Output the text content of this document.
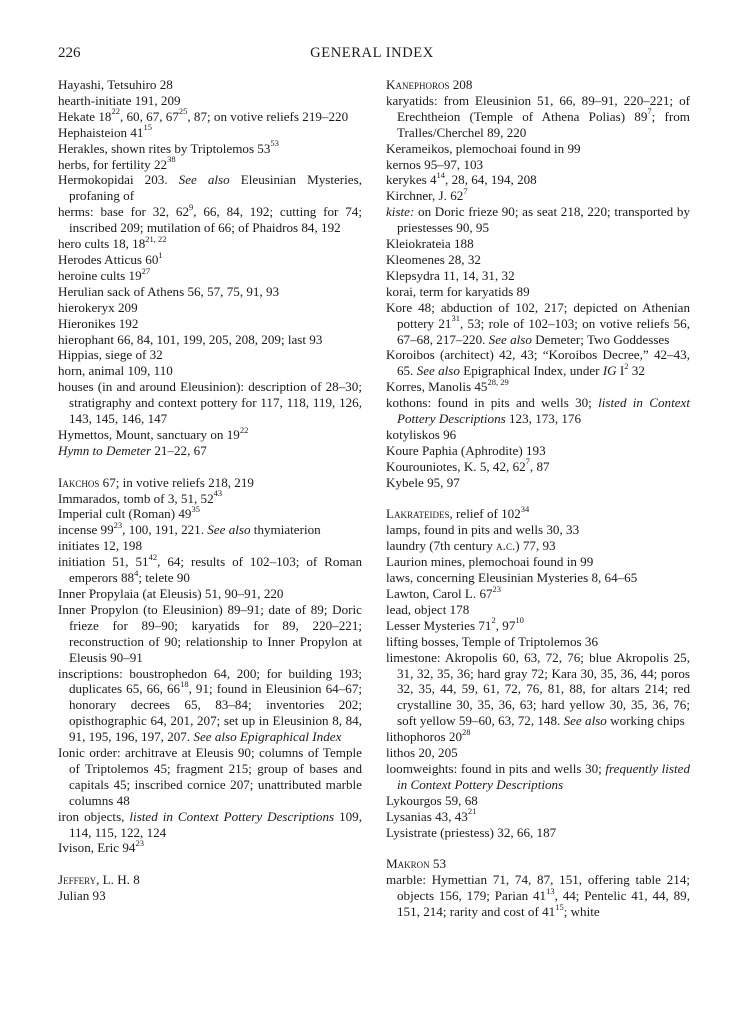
226	GENERAL INDEX

Hayashi, Tetsuhiro 28

hearth-initiate 191, 209

Hekate $18^{22}$, 60, 67, $67^{25}$, 87; on votive reliefs 219–220

Hephaisteion $41^{15}$

Herakles, shown rites by Triptolemos $53^{53}$

herbs, for fertility $22^{38}$

Hermokopidai 203. See also Eleusinian Mysteries, profaning of

herms: base for 32, $62^9$, 66, 84, 192; cutting for 74; inscribed 209; mutilation of 66; of Phaidros 84, 192

hero cults 18, 18$^{21, 22}$

Herodes Atticus $60^1$

heroine cults $19^{27}$

Herulian sack of Athens 56, 57, 75, 91, 93

hierokeryx 209

Hieronikes 192

hierophant 66, 84, 101, 199, 205, 208, 209; last 93

Hippias, siege of 32

horn, animal 109, 110

houses (in and around Eleusinion): description of 28–30; stratigraphy and context pottery for 117, 118, 119, 126, 143, 145, 146, 147

Hymettos, Mount, sanctuary on $19^{22}$

Hymn to Demeter 21–22, 67

Iakchos 67; in votive reliefs 218, 219

Immarados, tomb of 3, 51, $52^{43}$

Imperial cult (Roman) $49^{35}$

incense $99^{23}$, 100, 191, 221. See also thymiaterion

initiates 12, 198

initiation 51, $51^{42}$, 64; results of 102–103; of Roman emperors $88^4$; telete 90

Inner Propylaia (at Eleusis) 51, 90–91, 220

Inner Propylon (to Eleusinion) 89–91; date of 89; Doric frieze for 89–90; karyatids for 89, 220–221; reconstruction of 90; relationship to Inner Propylon at Eleusis 90–91

inscriptions: boustrophedon 64, 200; for building 193; duplicates 65, 66, $66^{18}$, 91; found in Eleusinion 64–67; honorary decrees 65, 83–84; inventories 202; opisthographic 64, 201, 207; set up in Eleusinion 8, 84, 91, 195, 196, 197, 207. See also Epigraphical Index

Ionic order: architrave at Eleusis 90; columns of Temple of Triptolemos 45; fragment 215; group of bases and capitals 45; inscribed cornice 207; unattributed marble columns 48

iron objects, listed in Context Pottery Descriptions 109, 114, 115, 122, 124

Ivison, Eric $94^{23}$

Jeffery, L. H. 8

Julian 93

Kanephoros 208

karyatids: from Eleusinion 51, 66, 89–91, 220–221; of Erechtheion (Temple of Athena Polias) $89^7$; from Tralles/Cherchel 89, 220

Kerameikos, plemochoai found in 99

kernos 95–97, 103

kerykes $4^{14}$, 28, 64, 194, 208

Kirchner, J. $62^7$

kiste: on Doric frieze 90; as seat 218, 220; transported by priestesses 90, 95

Kleiokrateia 188

Kleomenes 28, 32

Klepsydra 11, 14, 31, 32

korai, term for karyatids 89

Kore 48; abduction of 102, 217; depicted on Athenian pottery $21^{31}$, 53; role of 102–103; on votive reliefs 56, 67–68, 217–220. See also Demeter; Two Goddesses

Koroibos (architect) 42, 43; “Koroibos Decree,” 42–43, 65. See also Epigraphical Index, under IG $I^2$ 32

Korres, Manolis 45$^{28, 29}$

kothons: found in pits and wells 30; listed in Context Pottery Descriptions 123, 173, 176

kotyliskos 96

Koure Paphia (Aphrodite) 193

Kourouniotes, K. 5, 42, $62^7$, 87

Kybele 95, 97

Lakrateides, relief of $102^{34}$

lamps, found in pits and wells 30, 33

laundry (7th century a.c.) 77, 93

Laurion mines, plemochoai found in 99

laws, concerning Eleusinian Mysteries 8, 64–65

Lawton, Carol L. $67^{23}$

lead, object 178

Lesser Mysteries $71^2$, $97^{10}$

lifting bosses, Temple of Triptolemos 36

limestone: Akropolis 60, 63, 72, 76; blue Akropolis 25, 31, 32, 35, 36; hard gray 72; Kara 30, 35, 36, 44; poros 32, 35, 44, 59, 61, 72, 76, 81, 88, for altars 214; red crystalline 30, 35, 36, 63; hard yellow 30, 35, 36, 76; soft yellow 59–60, 63, 72, 148. See also working chips

lithophoros $20^{28}$

lithos 20, 205

loomweights: found in pits and wells 30; frequently listed in Context Pottery Descriptions

Lykourgos 59, 68

Lysanias 43, $43^{21}$

Lysistrate (priestess) 32, 66, 187

Makron 53

marble: Hymettian 71, 74, 87, 151, offering table 214; objects 156, 179; Parian $41^{13}$, 44; Pentelic 41, 44, 89, 151, 214; rarity and cost of $41^{15}$; white
